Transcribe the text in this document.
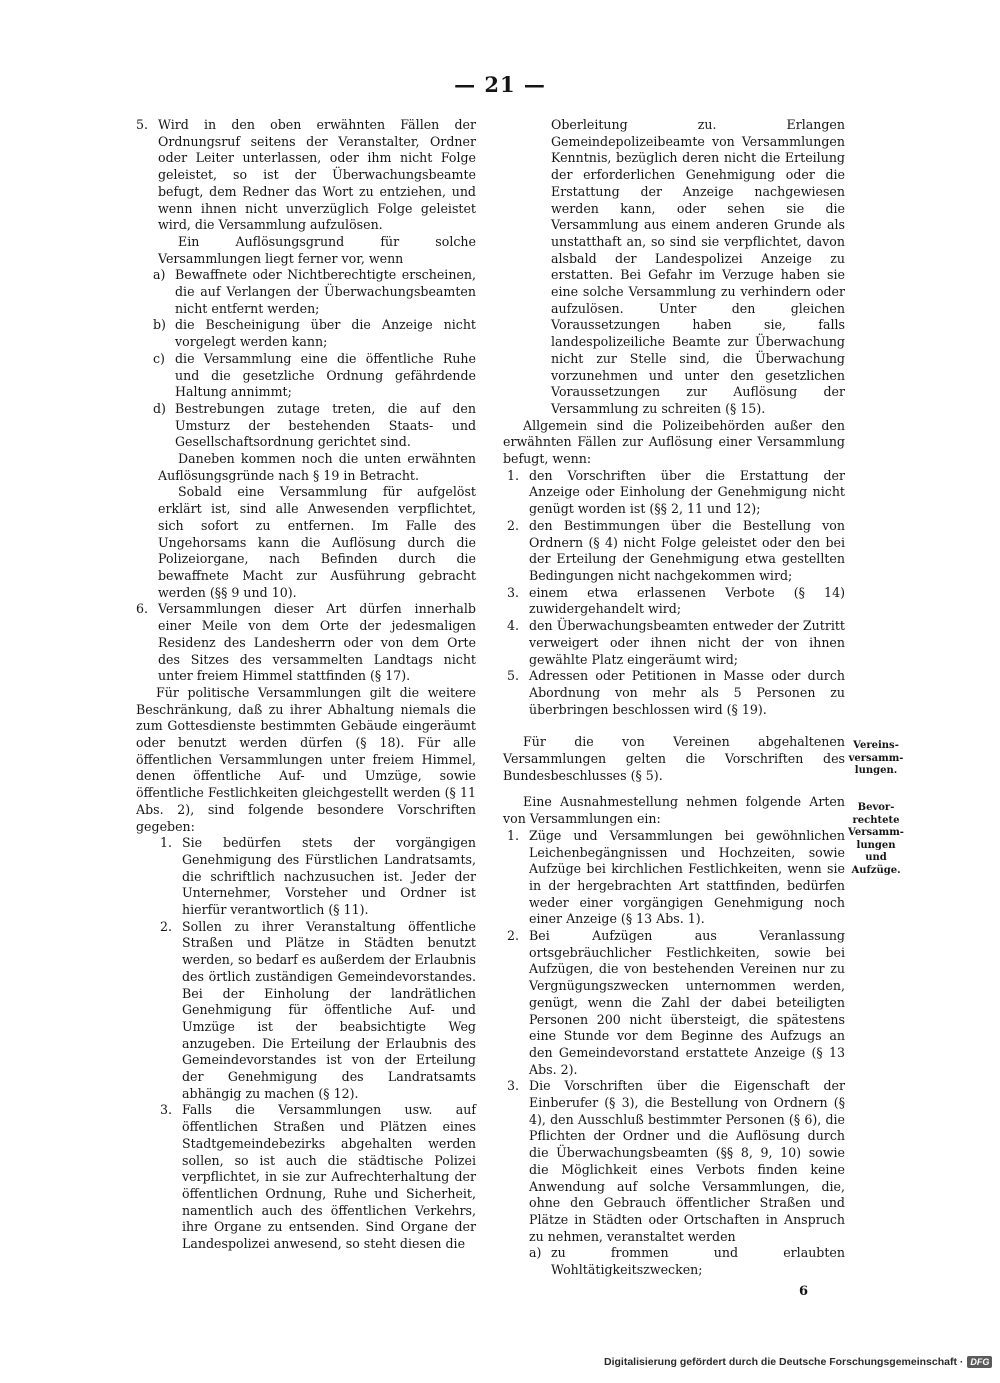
— 21 —
5. Wird in den oben erwähnten Fällen der Ordnungsruf seitens der Veranstalter, Ordner oder Leiter unterlassen, oder ihm nicht Folge geleistet, so ist der Überwachungsbeamte befugt, dem Redner das Wort zu entziehen, und wenn ihnen nicht unverzüglich Folge geleistet wird, die Versammlung aufzulösen.

Ein Auflösungsgrund für solche Versammlungen liegt ferner vor, wenn

a) Bewaffnete oder Nichtberechtigte erscheinen, die auf Verlangen der Überwachungsbeamten nicht entfernt werden;
b) die Bescheinigung über die Anzeige nicht vorgelegt werden kann;
c) die Versammlung eine die öffentliche Ruhe und die gesetzliche Ordnung gefährdende Haltung annimmt;
d) Bestrebungen zutage treten, die auf den Umsturz der bestehenden Staats- und Gesellschaftsordnung gerichtet sind.

Daneben kommen noch die unten erwähnten Auflösungsgründe nach § 19 in Betracht.

Sobald eine Versammlung für aufgelöst erklärt ist, sind alle Anwesenden verpflichtet, sich sofort zu entfernen. Im Falle des Ungehorsams kann die Auflösung durch die Polizeiorgane, nach Befinden durch die bewaffnete Macht zur Ausführung gebracht werden (§§ 9 und 10).

6. Versammlungen dieser Art dürfen innerhalb einer Meile von dem Orte der jedesmaligen Residenz des Landesherrn oder von dem Orte des Sitzes des versammelten Landtags nicht unter freiem Himmel stattfinden (§ 17).

Für politische Versammlungen gilt die weitere Beschränkung, daß zu ihrer Abhaltung niemals die zum Gottesdienste bestimmten Gebäude eingeräumt oder benutzt werden dürfen (§ 18). Für alle öffentlichen Versammlungen unter freiem Himmel, denen öffentliche Auf- und Umzüge, sowie öffentliche Festlichkeiten gleichgestellt werden (§ 11 Abs. 2), sind folgende besondere Vorschriften gegeben:

1. Sie bedürfen stets der vorgängigen Genehmigung des Fürstlichen Landratsamts, die schriftlich nachzusuchen ist. Jeder der Unternehmer, Vorsteher und Ordner ist hierfür verantwortlich (§ 11).
2. Sollen zu ihrer Veranstaltung öffentliche Straßen und Plätze in Städten benutzt werden, so bedarf es außerdem der Erlaubnis des örtlich zuständigen Gemeindevorstandes. Bei der Einholung der landrätlichen Genehmigung für öffentliche Auf- und Umzüge ist der beabsichtigte Weg anzugeben. Die Erteilung der Erlaubnis des Gemeindevorstandes ist von der Erteilung der Genehmigung des Landratsamts abhängig zu machen (§ 12).
3. Falls die Versammlungen usw. auf öffentlichen Straßen und Plätzen eines Stadtgemeindebezirks abgehalten werden sollen, so ist auch die städtische Polizei verpflichtet, in sie zur Aufrechterhaltung der öffentlichen Ordnung, Ruhe und Sicherheit, namentlich auch des öffentlichen Verkehrs, ihre Organe zu entsenden. Sind Organe der Landespolizei anwesend, so steht diesen die

Oberleitung zu. Erlangen Gemeindepolizeibeamte von Versammlungen Kenntnis, bezüglich deren nicht die Erteilung der erforderlichen Genehmigung oder die Erstattung der Anzeige nachgewiesen werden kann, oder sehen sie die Versammlung aus einem anderen Grunde als unstatthaft an, so sind sie verpflichtet, davon alsbald der Landespolizei Anzeige zu erstatten. Bei Gefahr im Verzuge haben sie eine solche Versammlung zu verhindern oder aufzulösen. Unter den gleichen Voraussetzungen haben sie, falls landespolizeiliche Beamte zur Überwachung nicht zur Stelle sind, die Überwachung vorzunehmen und unter den gesetzlichen Voraussetzungen zur Auflösung der Versammlung zu schreiten (§ 15).

Allgemein sind die Polizeibehörden außer den erwähnten Fällen zur Auflösung einer Versammlung befugt, wenn:

1. den Vorschriften über die Erstattung der Anzeige oder Einholung der Genehmigung nicht genügt worden ist (§§ 2, 11 und 12);
2. den Bestimmungen über die Bestellung von Ordnern (§ 4) nicht Folge geleistet oder den bei der Erteilung der Genehmigung etwa gestellten Bedingungen nicht nachgekommen wird;
3. einem etwa erlassenen Verbote (§ 14) zuwidergehandelt wird;
4. den Überwachungsbeamten entweder der Zutritt verweigert oder ihnen nicht der von ihnen gewählte Platz eingeräumt wird;
5. Adressen oder Petitionen in Masse oder durch Abordnung von mehr als 5 Personen zu überbringen beschlossen wird (§ 19).

Für die von Vereinen abgehaltenen Versammlungen gelten die Vorschriften des Bundesbeschlusses (§ 5).

Eine Ausnahmestellung nehmen folgende Arten von Versammlungen ein:

1. Züge und Versammlungen bei gewöhnlichen Leichenbegängnissen und Hochzeiten, sowie Aufzüge bei kirchlichen Festlichkeiten, wenn sie in der hergebrachten Art stattfinden, bedürfen weder einer vorgängigen Genehmigung noch einer Anzeige (§ 13 Abs. 1).
2. Bei Aufzügen aus Veranlassung ortsgebräuchlicher Festlichkeiten, sowie bei Aufzügen, die von bestehenden Vereinen nur zu Vergnügungszwecken unternommen werden, genügt, wenn die Zahl der dabei beteiligten Personen 200 nicht übersteigt, die spätestens eine Stunde vor dem Beginne des Aufzugs an den Gemeindevorstand erstattete Anzeige (§ 13 Abs. 2).
3. Die Vorschriften über die Eigenschaft der Einberufer (§ 3), die Bestellung von Ordnern (§ 4), den Ausschluß bestimmter Personen (§ 6), die Pflichten der Ordner und die Auflösung durch die Überwachungsbeamten (§§ 8, 9, 10) sowie die Möglichkeit eines Verbots finden keine Anwendung auf solche Versammlungen, die, ohne den Gebrauch öffentlicher Straßen und Plätze in Städten oder Ortschaften in Anspruch zu nehmen, veranstaltet werden
a) zu frommen und erlaubten Wohltätigkeitszwecken;
Vereins-
versamm-
lungen.
Bevor-
rechtete
Versamm-
lungen
und
Aufzüge.
6
Digitalisierung gefördert durch die Deutsche Forschungsgemeinschaft · DFG
